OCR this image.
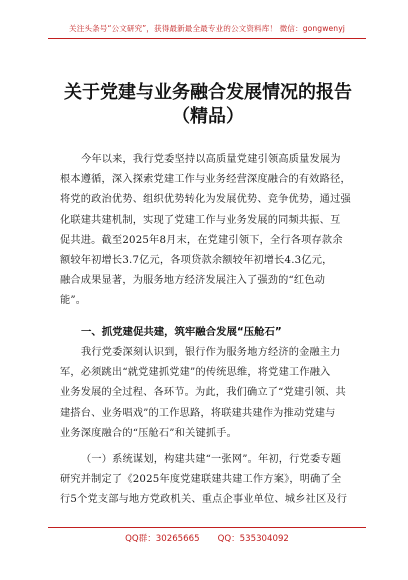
关注头条号“公文研究”，获得最新最全最专业的公文资料库！ 微信：gongwenyj
关于党建与业务融合发展情况的报告
（精品）
今年以来，我行党委坚持以高质量党建引领高质量发展为
根本遵循，深入探索党建工作与业务经营深度融合的有效路径，
将党的政治优势、组织优势转化为发展优势、竞争优势，通过强
化联建共建机制，实现了党建工作与业务发展的同频共振、互
促共进。截至2025年8月末，在党建引领下，全行各项存款余
额较年初增长3.7亿元，各项贷款余额较年初增长4.3亿元，
融合成果显著，为服务地方经济发展注入了强劲的“红色动
能”。
一、抓党建促共建，筑牢融合发展“压舱石”
我行党委深刻认识到，银行作为服务地方经济的金融主力
军，必须跳出“就党建抓党建”的传统思维，将党建工作融入
业务发展的全过程、各环节。为此，我们确立了“党建引领、共
建搭台、业务唱戏”的工作思路，将联建共建作为推动党建与
业务深度融合的“压舱石”和关键抓手。
（一）系统谋划，构建共建“一张网”。年初，行党委专题
研究并制定了《2025年度党建联建共建工作方案》，明确了全
行5个党支部与地方党政机关、重点企事业单位、城乡社区及行
QQ群：30265665 QQ：535304092
